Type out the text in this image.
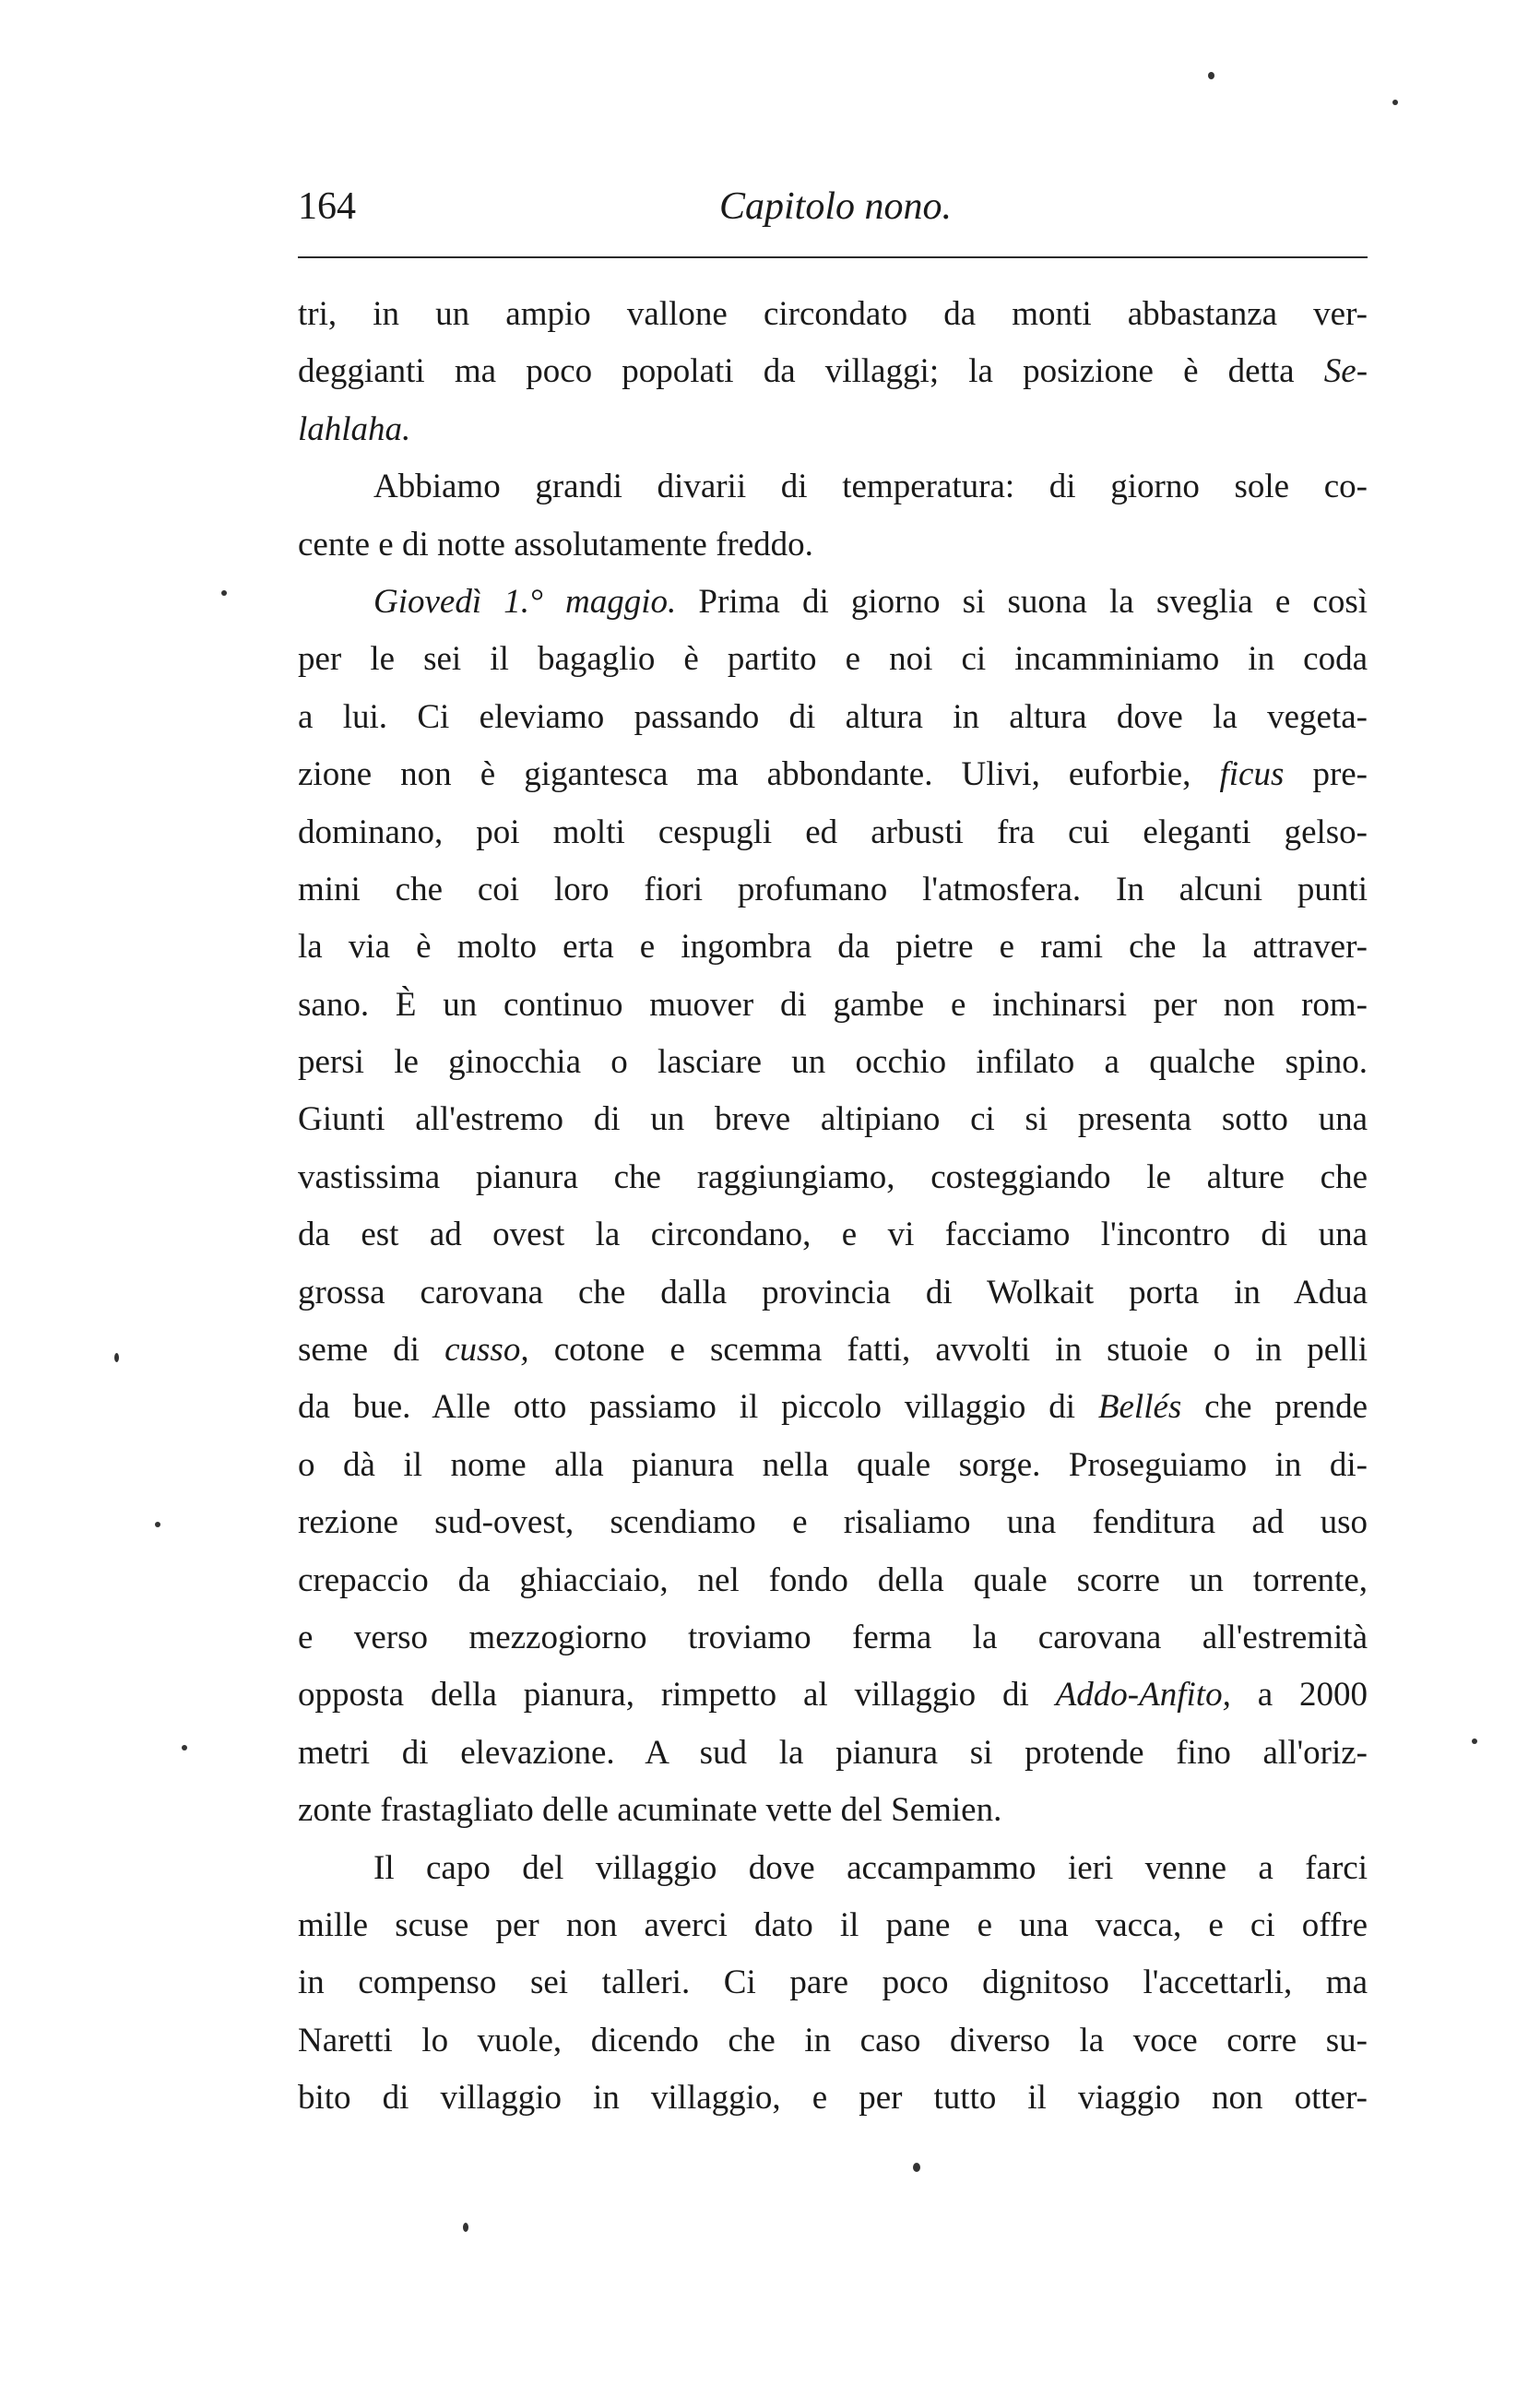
164	Capitolo nono.
tri, in un ampio vallone circondato da monti abbastanza ver-
deggianti ma poco popolati da villaggi; la posizione è detta Se-
lahlaha.
Abbiamo grandi divarii di temperatura: di giorno sole co-
cente e di notte assolutamente freddo.
Giovedì 1.° maggio. Prima di giorno si suona la sveglia e così
per le sei il bagaglio è partito e noi ci incamminiamo in coda
a lui. Ci eleviamo passando di altura in altura dove la vegeta-
zione non è gigantesca ma abbondante. Ulivi, euforbie, ficus pre-
dominano, poi molti cespugli ed arbusti fra cui eleganti gelso-
mini che coi loro fiori profumano l'atmosfera. In alcuni punti
la via è molto erta e ingombra da pietre e rami che la attraver-
sano. È un continuo muover di gambe e inchinarsi per non rom-
persi le ginocchia o lasciare un occhio infilato a qualche spino.
Giunti all'estremo di un breve altipiano ci si presenta sotto una
vastissima pianura che raggiungiamo, costeggiando le alture che
da est ad ovest la circondano, e vi facciamo l'incontro di una
grossa carovana che dalla provincia di Wolkait porta in Adua
seme di cusso, cotone e scemma fatti, avvolti in stuoie o in pelli
da bue. Alle otto passiamo il piccolo villaggio di Bellés che prende
o dà il nome alla pianura nella quale sorge. Proseguiamo in di-
rezione sud-ovest, scendiamo e risaliamo una fenditura ad uso
crepaccio da ghiacciaio, nel fondo della quale scorre un torrente,
e verso mezzogiorno troviamo ferma la carovana all'estremità
opposta della pianura, rimpetto al villaggio di Addo-Anfito, a 2000
metri di elevazione. A sud la pianura si protende fino all'oriz-
zonte frastagliato delle acuminate vette del Semien.
Il capo del villaggio dove accampammo ieri venne a farci
mille scuse per non averci dato il pane e una vacca, e ci offre
in compenso sei talleri. Ci pare poco dignitoso l'accettarli, ma
Naretti lo vuole, dicendo che in caso diverso la voce corre su-
bito di villaggio in villaggio, e per tutto il viaggio non otter-
